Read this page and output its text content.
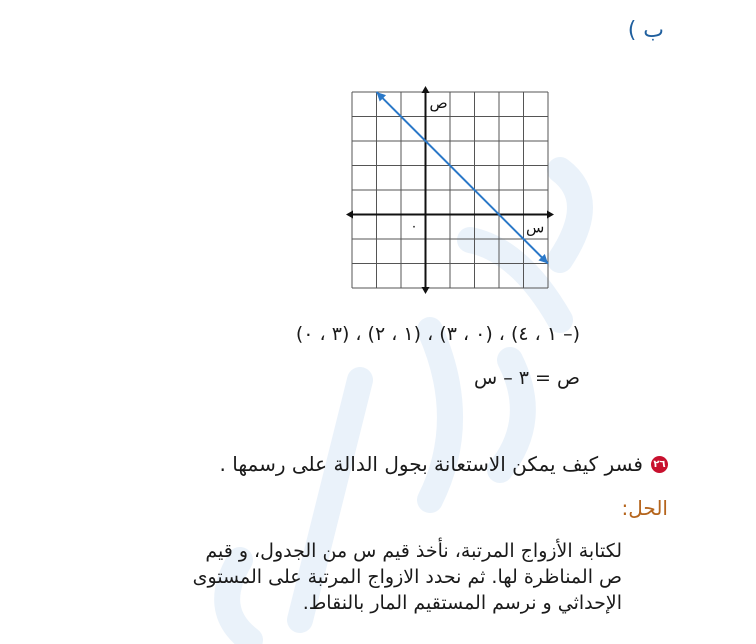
ب )
ص
س
٠
(– ١ ، ٤) ، (٠ ، ٣) ، (١ ، ٢) ، (٣ ، ٠)
ص = ٣ – س
٢٦
فسر كيف يمكن الاستعانة بجول الدالة على رسمها .
الحل:

لكتابة الأزواج المرتبة، نأخذ قيم س من الجدول، و قيم

ص المناظرة لها. ثم نحدد الازواج المرتبة على المستوى

الإحداثي و نرسم المستقيم المار بالنقاط.
